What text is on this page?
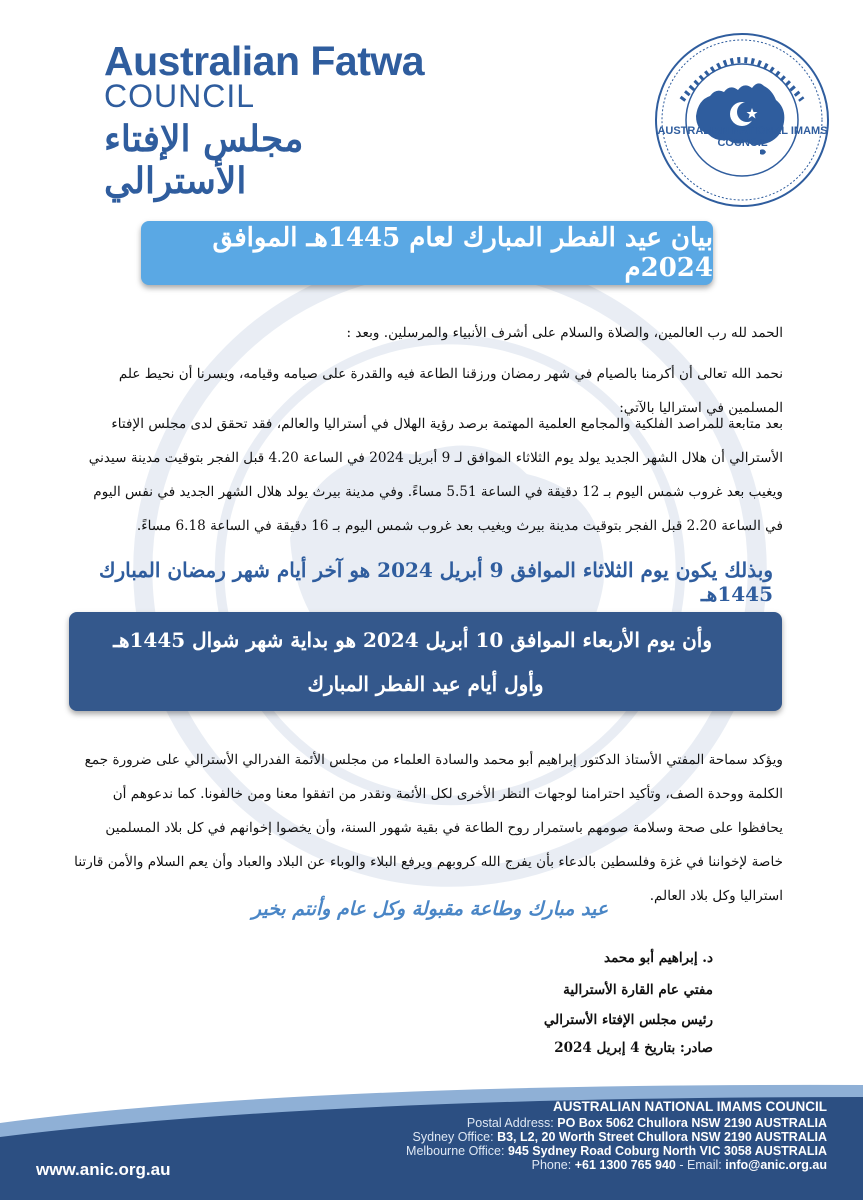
Australian Fatwa
COUNCIL
مجلس الإفتاء الأسترالي
AUSTRALIAN NATIONAL IMAMS COUNCIL
بيان عيد الفطر المبارك لعام 1445هـ الموافق 2024م
الحمد لله رب العالمين، والصلاة والسلام على أشرف الأنبياء والمرسلين. وبعد :
نحمد الله تعالى أن أكرمنا بالصيام في شهر رمضان ورزقنا الطاعة فيه والقدرة على صيامه وقيامه، ويسرنا أن نحيط علم المسلمين في استراليا بالآتي:
بعد متابعة للمراصد الفلكية والمجامع العلمية المهتمة برصد رؤية الهلال في أستراليا والعالم، فقد تحقق لدى مجلس الإفتاء الأسترالي أن هلال الشهر الجديد يولد يوم الثلاثاء الموافق لـ 9 أبريل 2024 في الساعة 4.20 قبل الفجر بتوقيت مدينة سيدني ويغيب بعد غروب شمس اليوم بـ 12 دقيقة في الساعة 5.51 مساءً. وفي مدينة بيرث يولد هلال الشهر الجديد في نفس اليوم في الساعة 2.20 قبل الفجر بتوقيت مدينة بيرث ويغيب بعد غروب شمس اليوم بـ 16 دقيقة في الساعة 6.18 مساءً.
وبذلك يكون يوم الثلاثاء الموافق 9 أبريل 2024 هو آخر أيام شهر رمضان المبارك 1445هـ
وأن يوم الأربعاء الموافق 10 أبريل 2024 هو بداية شهر شوال 1445هـ
وأول أيام عيد الفطر المبارك
ويؤكد سماحة المفتي الأستاذ الدكتور إبراهيم أبو محمد والسادة العلماء من مجلس الأئمة الفدرالي الأسترالي على ضرورة جمع الكلمة ووحدة الصف، وتأكيد احترامنا لوجهات النظر الأخرى لكل الأئمة ونقدر من اتفقوا معنا ومن خالفونا. كما ندعوهم أن يحافظوا على صحة وسلامة صومهم باستمرار روح الطاعة في بقية شهور السنة، وأن يخصوا إخوانهم في كل بلاد المسلمين خاصة لإخواننا في غزة وفلسطين بالدعاء بأن يفرج الله كروبهم ويرفع البلاء والوباء عن البلاد والعباد وأن يعم السلام والأمن قارتنا استراليا وكل بلاد العالم.
عيد مبارك وطاعة مقبولة وكل عام وأنتم بخير
د. إبراهيم أبو محمد
مفتي عام القارة الأسترالية
رئيس مجلس الإفتاء الأسترالي
صادر: بتاريخ 4 إبريل 2024
www.anic.org.au
AUSTRALIAN NATIONAL IMAMS COUNCIL
Postal Address: PO Box 5062 Chullora NSW 2190 AUSTRALIA
Sydney Office: B3, L2, 20 Worth Street Chullora NSW 2190 AUSTRALIA
Melbourne Office: 945 Sydney Road Coburg North VIC 3058 AUSTRALIA
Phone: +61 1300 765 940 - Email: info@anic.org.au
